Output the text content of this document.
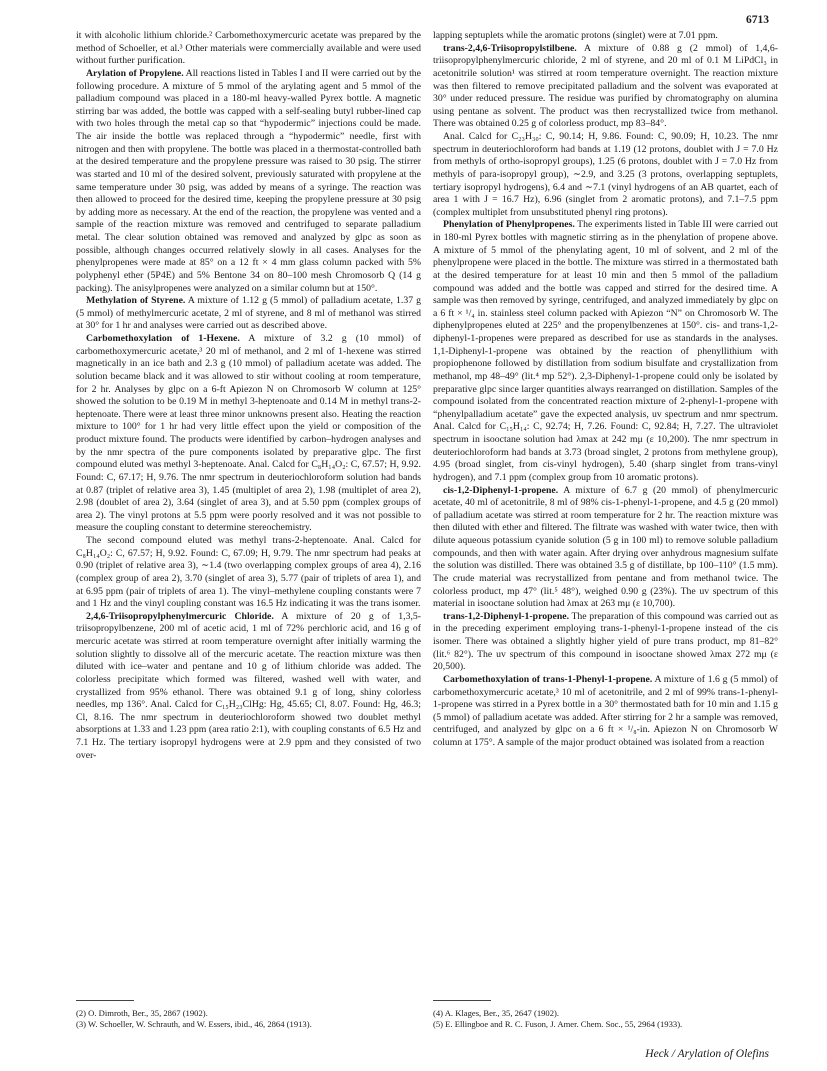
6713

it with alcoholic lithium chloride.² Carbomethoxymercuric acetate was prepared by the method of Schoeller, et al.³ Other materials were commercially available and were used without further purification.

Arylation of Propylene. All reactions listed in Tables I and II were carried out by the following procedure. A mixture of 5 mmol of the arylating agent and 5 mmol of the palladium compound was placed in a 180-ml heavy-walled Pyrex bottle. A magnetic stirring bar was added, the bottle was capped with a self-sealing butyl rubber-lined cap with two holes through the metal cap so that “hypodermic” injections could be made. The air inside the bottle was replaced through a “hypodermic” needle, first with nitrogen and then with propylene. The bottle was placed in a thermostat-controlled bath at the desired temperature and the propylene pressure was raised to 30 psig. The stirrer was started and 10 ml of the desired solvent, previously saturated with propylene at the same temperature under 30 psig, was added by means of a syringe. The reaction was then allowed to proceed for the desired time, keeping the propylene pressure at 30 psig by adding more as necessary. At the end of the reaction, the propylene was vented and a sample of the reaction mixture was removed and centrifuged to separate palladium metal. The clear solution obtained was removed and analyzed by glpc as soon as possible, although changes occurred relatively slowly in all cases. Analyses for the phenylpropenes were made at 85° on a 12 ft × 4 mm glass column packed with 5% polyphenyl ether (5P4E) and 5% Bentone 34 on 80–100 mesh Chromosorb Q (14 g packing). The anisylpropenes were analyzed on a similar column but at 150°.

Methylation of Styrene. A mixture of 1.12 g (5 mmol) of palladium acetate, 1.37 g (5 mmol) of methylmercuric acetate, 2 ml of styrene, and 8 ml of methanol was stirred at 30° for 1 hr and analyses were carried out as described above.

Carbomethoxylation of 1-Hexene. A mixture of 3.2 g (10 mmol) of carbomethoxymercuric acetate,³ 20 ml of methanol, and 2 ml of 1-hexene was stirred magnetically in an ice bath and 2.3 g (10 mmol) of palladium acetate was added. The solution became black and it was allowed to stir without cooling at room temperature, for 2 hr. Analyses by glpc on a 6-ft Apiezon N on Chromosorb W column at 125° showed the solution to be 0.19 M in methyl 3-heptenoate and 0.14 M in methyl trans-2-heptenoate. There were at least three minor unknowns present also. Heating the reaction mixture to 100° for 1 hr had very little effect upon the yield or composition of the product mixture found. The products were identified by carbon–hydrogen analyses and by the nmr spectra of the pure components isolated by preparative glpc. The first compound eluted was methyl 3-heptenoate. Anal. Calcd for C₈H₁₄O₂: C, 67.57; H, 9.92. Found: C, 67.17; H, 9.76. The nmr spectrum in deuteriochloroform solution had bands at 0.87 (triplet of relative area 3), 1.45 (multiplet of area 2), 1.98 (multiplet of area 2), 2.98 (doublet of area 2), 3.64 (singlet of area 3), and at 5.50 ppm (complex groups of area 2). The vinyl protons at 5.5 ppm were poorly resolved and it was not possible to measure the coupling constant to determine stereochemistry.

The second compound eluted was methyl trans-2-heptenoate. Anal. Calcd for C₈H₁₄O₂: C, 67.57; H, 9.92. Found: C, 67.09; H, 9.79. The nmr spectrum had peaks at 0.90 (triplet of relative area 3), ∼1.4 (two overlapping complex groups of area 4), 2.16 (complex group of area 2), 3.70 (singlet of area 3), 5.77 (pair of triplets of area 1), and at 6.95 ppm (pair of triplets of area 1). The vinyl–methylene coupling constants were 7 and 1 Hz and the vinyl coupling constant was 16.5 Hz indicating it was the trans isomer.

2,4,6-Triisopropylphenylmercuric Chloride. A mixture of 20 g of 1,3,5-triisopropylbenzene, 200 ml of acetic acid, 1 ml of 72% perchloric acid, and 16 g of mercuric acetate was stirred at room temperature overnight after initially warming the solution slightly to dissolve all of the mercuric acetate. The reaction mixture was then diluted with ice–water and pentane and 10 g of lithium chloride was added. The colorless precipitate which formed was filtered, washed well with water, and crystallized from 95% ethanol. There was obtained 9.1 g of long, shiny colorless needles, mp 136°. Anal. Calcd for C₁₅H₂₃ClHg: Hg, 45.65; Cl, 8.07. Found: Hg, 46.3; Cl, 8.16. The nmr spectrum in deuteriochloroform showed two doublet methyl absorptions at 1.33 and 1.23 ppm (area ratio 2:1), with coupling constants of 6.5 Hz and 7.1 Hz. The tertiary isopropyl hydrogens were at 2.9 ppm and they consisted of two over-

lapping septuplets while the aromatic protons (singlet) were at 7.01 ppm.

trans-2,4,6-Triisopropylstilbene. A mixture of 0.88 g (2 mmol) of 1,4,6-triisopropylphenylmercuric chloride, 2 ml of styrene, and 20 ml of 0.1 M LiPdCl₃ in acetonitrile solution¹ was stirred at room temperature overnight. The reaction mixture was then filtered to remove precipitated palladium and the solvent was evaporated at 30° under reduced pressure. The residue was purified by chromatography on alumina using pentane as solvent. The product was then recrystallized twice from methanol. There was obtained 0.25 g of colorless product, mp 83–84°.

Anal. Calcd for C₂₃H₃₀: C, 90.14; H, 9.86. Found: C, 90.09; H, 10.23. The nmr spectrum in deuteriochloroform had bands at 1.19 (12 protons, doublet with J = 7.0 Hz from methyls of ortho-isopropyl groups), 1.25 (6 protons, doublet with J = 7.0 Hz from methyls of para-isopropyl group), ∼2.9, and 3.25 (3 protons, overlapping septuplets, tertiary isopropyl hydrogens), 6.4 and ∼7.1 (vinyl hydrogens of an AB quartet, each of area 1 with J = 16.7 Hz), 6.96 (singlet from 2 aromatic protons), and 7.1–7.5 ppm (complex multiplet from unsubstituted phenyl ring protons).

Phenylation of Phenylpropenes. The experiments listed in Table III were carried out in 180-ml Pyrex bottles with magnetic stirring as in the phenylation of propene above. A mixture of 5 mmol of the phenylating agent, 10 ml of solvent, and 2 ml of the phenylpropene were placed in the bottle. The mixture was stirred in a thermostated bath at the desired temperature for at least 10 min and then 5 mmol of the palladium compound was added and the bottle was capped and stirred for the desired time. A sample was then removed by syringe, centrifuged, and analyzed immediately by glpc on a 6 ft × ¹/₄ in. stainless steel column packed with Apiezon “N” on Chromosorb W. The diphenylpropenes eluted at 225° and the propenylbenzenes at 150°. cis- and trans-1,2-diphenyl-1-propenes were prepared as described for use as standards in the analyses. 1,1-Diphenyl-1-propene was obtained by the reaction of phenyllithium with propiophenone followed by distillation from sodium bisulfate and crystallization from methanol, mp 48–49° (lit.⁴ mp 52°). 2,3-Diphenyl-1-propene could only be isolated by preparative glpc since larger quantities always rearranged on distillation. Samples of the compound isolated from the concentrated reaction mixture of 2-phenyl-1-propene with “phenylpalladium acetate” gave the expected analysis, uv spectrum and nmr spectrum. Anal. Calcd for C₁₅H₁₄: C, 92.74; H, 7.26. Found: C, 92.84; H, 7.27. The ultraviolet spectrum in isooctane solution had λmax at 242 mμ (ε 10,200). The nmr spectrum in deuteriochloroform had bands at 3.73 (broad singlet, 2 protons from methylene group), 4.95 (broad singlet, from cis-vinyl hydrogen), 5.40 (sharp singlet from trans-vinyl hydrogen), and 7.1 ppm (complex group from 10 aromatic protons).

cis-1,2-Diphenyl-1-propene. A mixture of 6.7 g (20 mmol) of phenylmercuric acetate, 40 ml of acetonitrile, 8 ml of 98% cis-1-phenyl-1-propene, and 4.5 g (20 mmol) of palladium acetate was stirred at room temperature for 2 hr. The reaction mixture was then diluted with ether and filtered. The filtrate was washed with water twice, then with dilute aqueous potassium cyanide solution (5 g in 100 ml) to remove soluble palladium compounds, and then with water again. After drying over anhydrous magnesium sulfate the solution was distilled. There was obtained 3.5 g of distillate, bp 100–110° (1.5 mm). The crude material was recrystallized from pentane and from methanol twice. The colorless product, mp 47° (lit.⁵ 48°), weighed 0.90 g (23%). The uv spectrum of this material in isooctane solution had λmax at 263 mμ (ε 10,700).

trans-1,2-Diphenyl-1-propene. The preparation of this compound was carried out as in the preceding experiment employing trans-1-phenyl-1-propene instead of the cis isomer. There was obtained a slightly higher yield of pure trans product, mp 81–82° (lit.⁶ 82°). The uv spectrum of this compound in isooctane showed λmax 272 mμ (ε 20,500).

Carbomethoxylation of trans-1-Phenyl-1-propene. A mixture of 1.6 g (5 mmol) of carbomethoxymercuric acetate,³ 10 ml of acetonitrile, and 2 ml of 99% trans-1-phenyl-1-propene was stirred in a Pyrex bottle in a 30° thermostated bath for 10 min and 1.15 g (5 mmol) of palladium acetate was added. After stirring for 2 hr a sample was removed, centrifuged, and analyzed by glpc on a 6 ft × ¹/₈-in. Apiezon N on Chromosorb W column at 175°. A sample of the major product obtained was isolated from a reaction

(2) O. Dimroth, Ber., 35, 2867 (1902).

(3) W. Schoeller, W. Schrauth, and W. Essers, ibid., 46, 2864 (1913).

(4) A. Klages, Ber., 35, 2647 (1902).

(5) E. Ellingboe and R. C. Fuson, J. Amer. Chem. Soc., 55, 2964 (1933).

Heck / Arylation of Olefins
